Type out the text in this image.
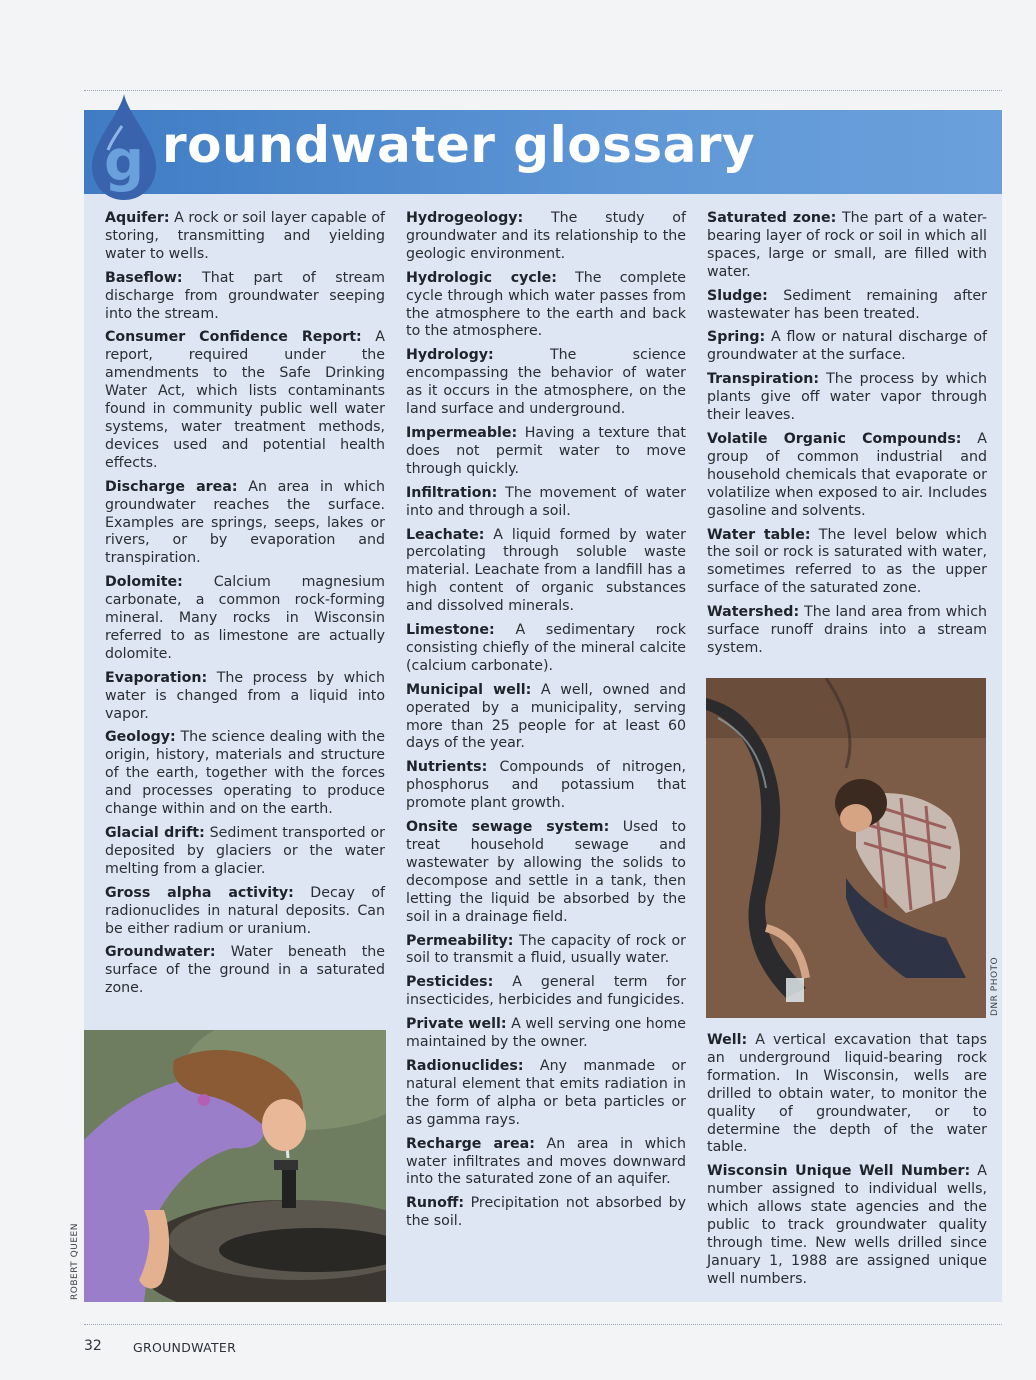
g roundwater glossary

Aquifer: A rock or soil layer capable of storing, transmitting and yielding water to wells.

Baseflow: That part of stream discharge from groundwater seeping into the stream.

Consumer Confidence Report: A report, required under the amendments to the Safe Drinking Water Act, which lists contaminants found in community public well water systems, water treatment methods, devices used and potential health effects.

Discharge area: An area in which groundwater reaches the surface. Examples are springs, seeps, lakes or rivers, or by evaporation and transpiration.

Dolomite: Calcium magnesium carbonate, a common rock-forming mineral. Many rocks in Wisconsin referred to as limestone are actually dolomite.

Evaporation: The process by which water is changed from a liquid into vapor.

Geology: The science dealing with the origin, history, materials and structure of the earth, together with the forces and processes operating to produce change within and on the earth.

Glacial drift: Sediment transported or deposited by glaciers or the water melting from a glacier.

Gross alpha activity: Decay of radionuclides in natural deposits. Can be either radium or uranium.

Groundwater: Water beneath the surface of the ground in a saturated zone.

Hydrogeology: The study of groundwater and its relationship to the geologic environment.

Hydrologic cycle: The complete cycle through which water passes from the atmosphere to the earth and back to the atmosphere.

Hydrology:	The science encompassing the behavior of water as it occurs in the atmosphere, on the land surface and underground.

Impermeable: Having a texture that does not permit water to move through quickly.

Infiltration: The movement of water into and through a soil.

Leachate: A liquid formed by water percolating through soluble waste material. Leachate from a landfill has a high content of organic substances and dissolved minerals.

Limestone: A sedimentary rock consisting chiefly of the mineral calcite (calcium carbonate).

Municipal well: A well, owned and operated by a municipality, serving more than 25 people for at least 60 days of the year.

Nutrients: Compounds of nitrogen, phosphorus and potassium that promote plant growth.

Onsite sewage system: Used to treat household sewage and wastewater by allowing the solids to decompose and settle in a tank, then letting the liquid be absorbed by the soil in a drainage field.

Permeability: The capacity of rock or soil to transmit a fluid, usually water.

Pesticides: A general term for insecticides, herbicides and fungicides.

Private well: A well serving one home maintained by the owner.

Radionuclides: Any manmade or natural element that emits radiation in the form of alpha or beta particles or as gamma rays.

Recharge area: An area in which water infiltrates and moves downward into the saturated zone of an aquifer.

Runoff: Precipitation not absorbed by the soil.

Saturated zone: The part of a water-bearing layer of rock or soil in which all spaces, large or small, are filled with water.

Sludge: Sediment remaining after wastewater has been treated.

Spring: A flow or natural discharge of groundwater at the surface.

Transpiration: The process by which plants give off water vapor through their leaves.

Volatile Organic Compounds: A group of common industrial and household chemicals that evaporate or volatilize when exposed to air. Includes gasoline and solvents.

Water table: The level below which the soil or rock is saturated with water, sometimes referred to as the upper surface of the saturated zone.

Watershed: The land area from which surface runoff drains into a stream system.

Well: A vertical excavation that taps an underground liquid-bearing rock formation. In Wisconsin, wells are drilled to obtain water, to monitor the quality of groundwater, or to determine the depth of the water table.

Wisconsin Unique Well Number: A number assigned to individual wells, which allows state agencies and the public to track groundwater quality through time. New wells drilled since January 1, 1988 are assigned unique well numbers.

ROBERT QUEEN
DNR PHOTO
32 GROUNDWATER
